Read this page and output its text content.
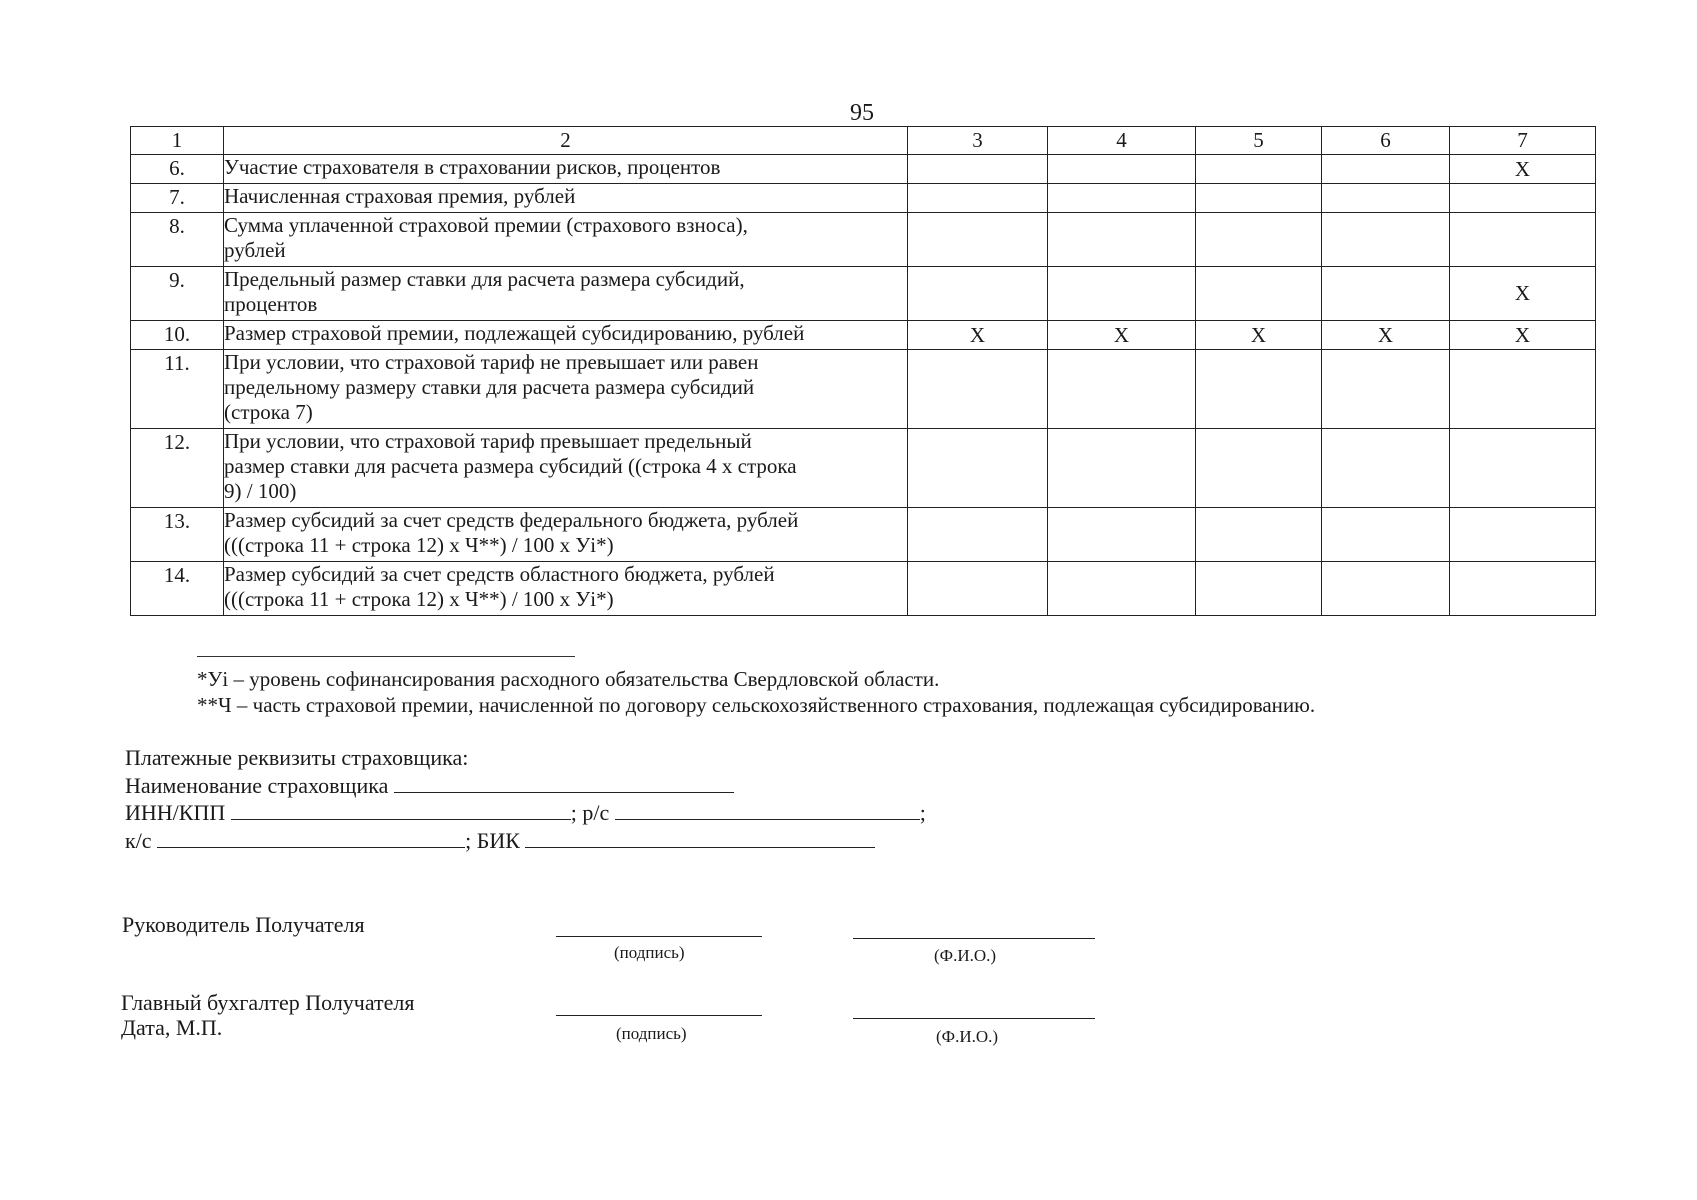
95
1	2	3	4	5	6	7
6.	Участие страхователя в страховании рисков, процентов					X
7.	Начисленная страховая премия, рублей					

8.	Сумма уплаченной страховой премии (страхового взноса),
рублей					

9.	Предельный размер ставки для расчета размера субсидий,
процентов					X
10.	Размер страховой премии, подлежащей субсидированию, рублей	X	X	X	X	X
11.	При условии, что страховой тариф не превышает или равен
предельному размеру ставки для расчета размера субсидий
(строка 7)					

12.	При условии, что страховой тариф превышает предельный
размер ставки для расчета размера субсидий ((строка 4 х строка
9) / 100)					

13.	Размер субсидий за счет средств федерального бюджета, рублей
(((строка 11 + строка 12) х Ч**) / 100 х Уi*)					

14.	Размер субсидий за счет средств областного бюджета, рублей
(((строка 11 + строка 12) х Ч**) / 100 х Уi*)					

*Уi – уровень софинансирования расходного обязательства Свердловской области.
**Ч – часть страховой премии, начисленной по договору сельскохозяйственного страхования, подлежащая субсидированию.
Платежные реквизиты страховщика:
Наименование страховщика
ИНН/КПП	; р/с	;
к/с	; БИК
Руководитель Получателя
(подпись)	(Ф.И.О.)
Главный бухгалтер Получателя
Дата, М.П.	(подпись)	(Ф.И.О.)
